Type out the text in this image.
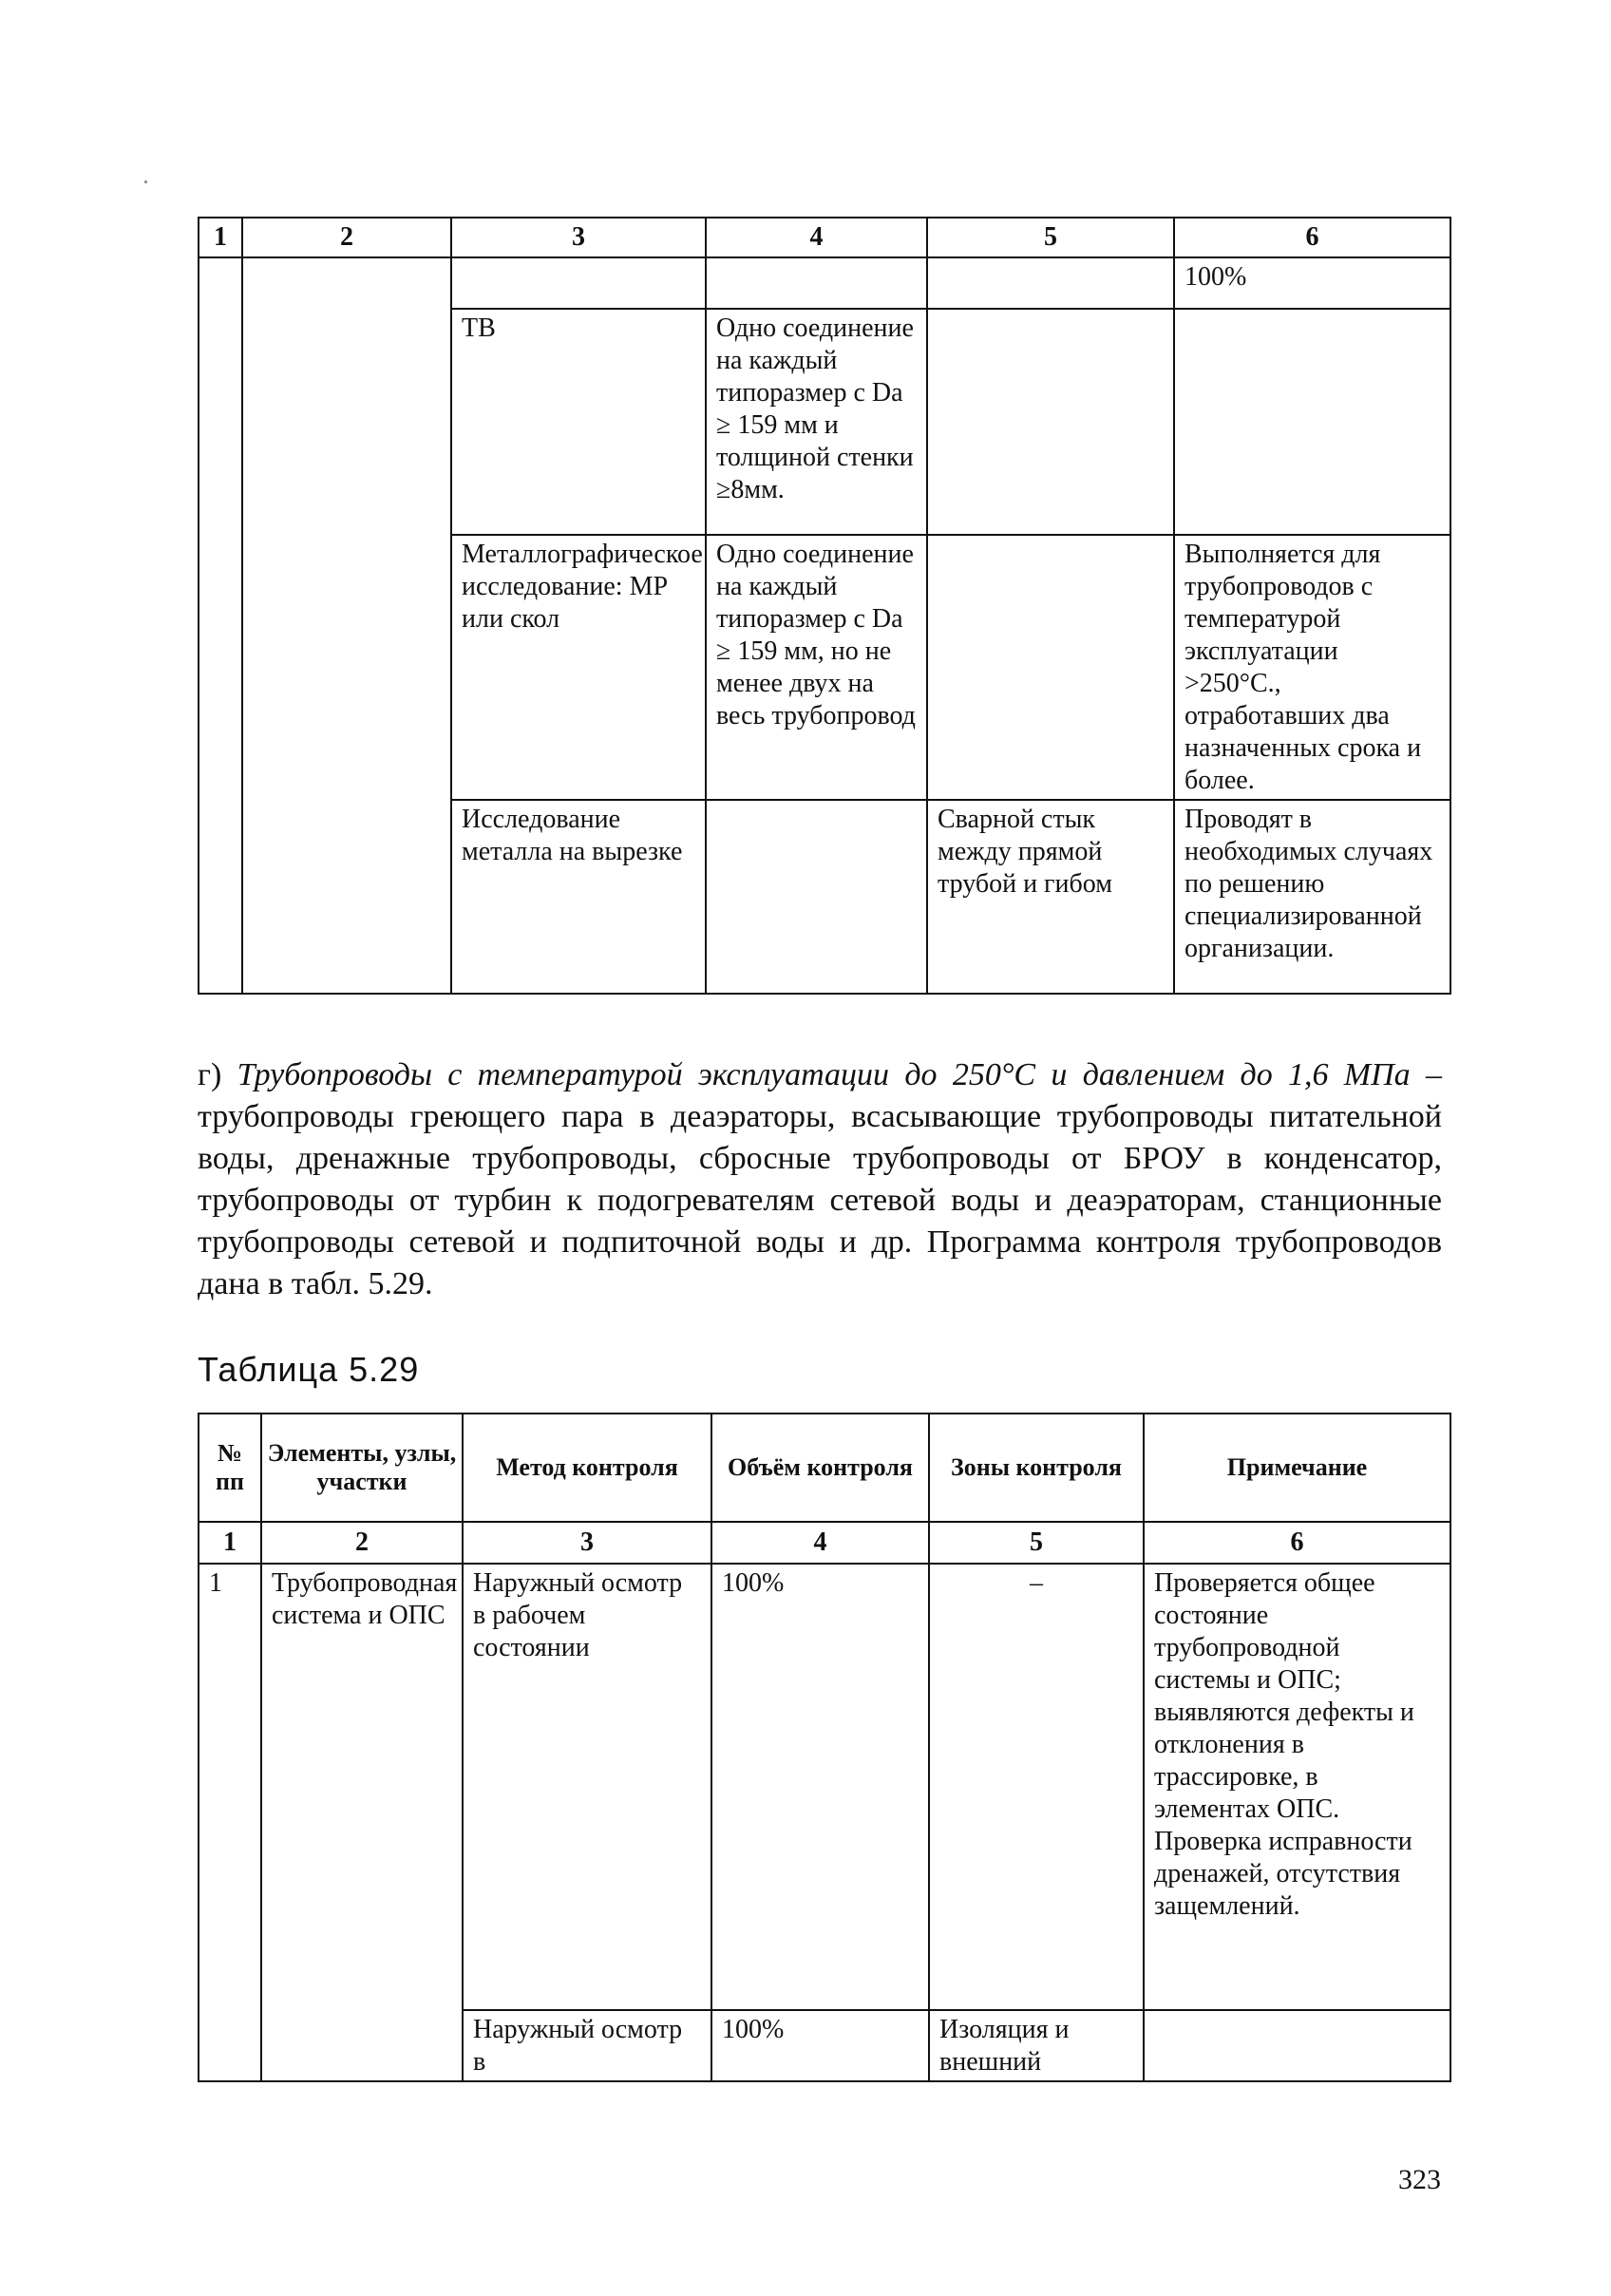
1	2	3	4	5	6
					100%
		ТВ	Одно соединение на каждый типоразмер с Dа ≥ 159 мм и толщиной стенки ≥8мм.		
		Металлографическое исследование: МР или скол	Одно соединение на каждый типоразмер с Dа ≥ 159 мм, но не менее двух на весь трубопровод		Выполняется для трубопроводов с температурой эксплуатации >250°С., отработавших два назначенных срока и более.
		Исследование металла на вырезке		Сварной стык между прямой трубой и гибом	Проводят в необходимых случаях по решению специализированной организации.
г) Трубопроводы с температурой эксплуатации до 250°С и давлением до 1,6 МПа – трубопроводы греющего пара в деаэраторы, всасывающие трубопроводы питательной воды, дренажные трубопроводы, сбросные трубопроводы от БРОУ в конденсатор, трубопроводы от турбин к подогревателям сетевой воды и деаэраторам, станционные трубопроводы сетевой и подпиточной воды и др. Программа контроля трубопроводов дана в табл. 5.29.
Таблица 5.29
№ пп	Элементы, узлы, участки	Метод контроля	Объём контроля	Зоны контроля	Примечание
1	2	3	4	5	6
1	Трубопроводная система и ОПС	Наружный осмотр в рабочем состоянии	100%	–	Проверяется общее состояние трубопроводной системы и ОПС; выявляются дефекты и отклонения в трассировке, в элементах ОПС. Проверка исправности дренажей, отсутствия защемлений.
		Наружный осмотр в	100%	Изоляция и внешний	
323
